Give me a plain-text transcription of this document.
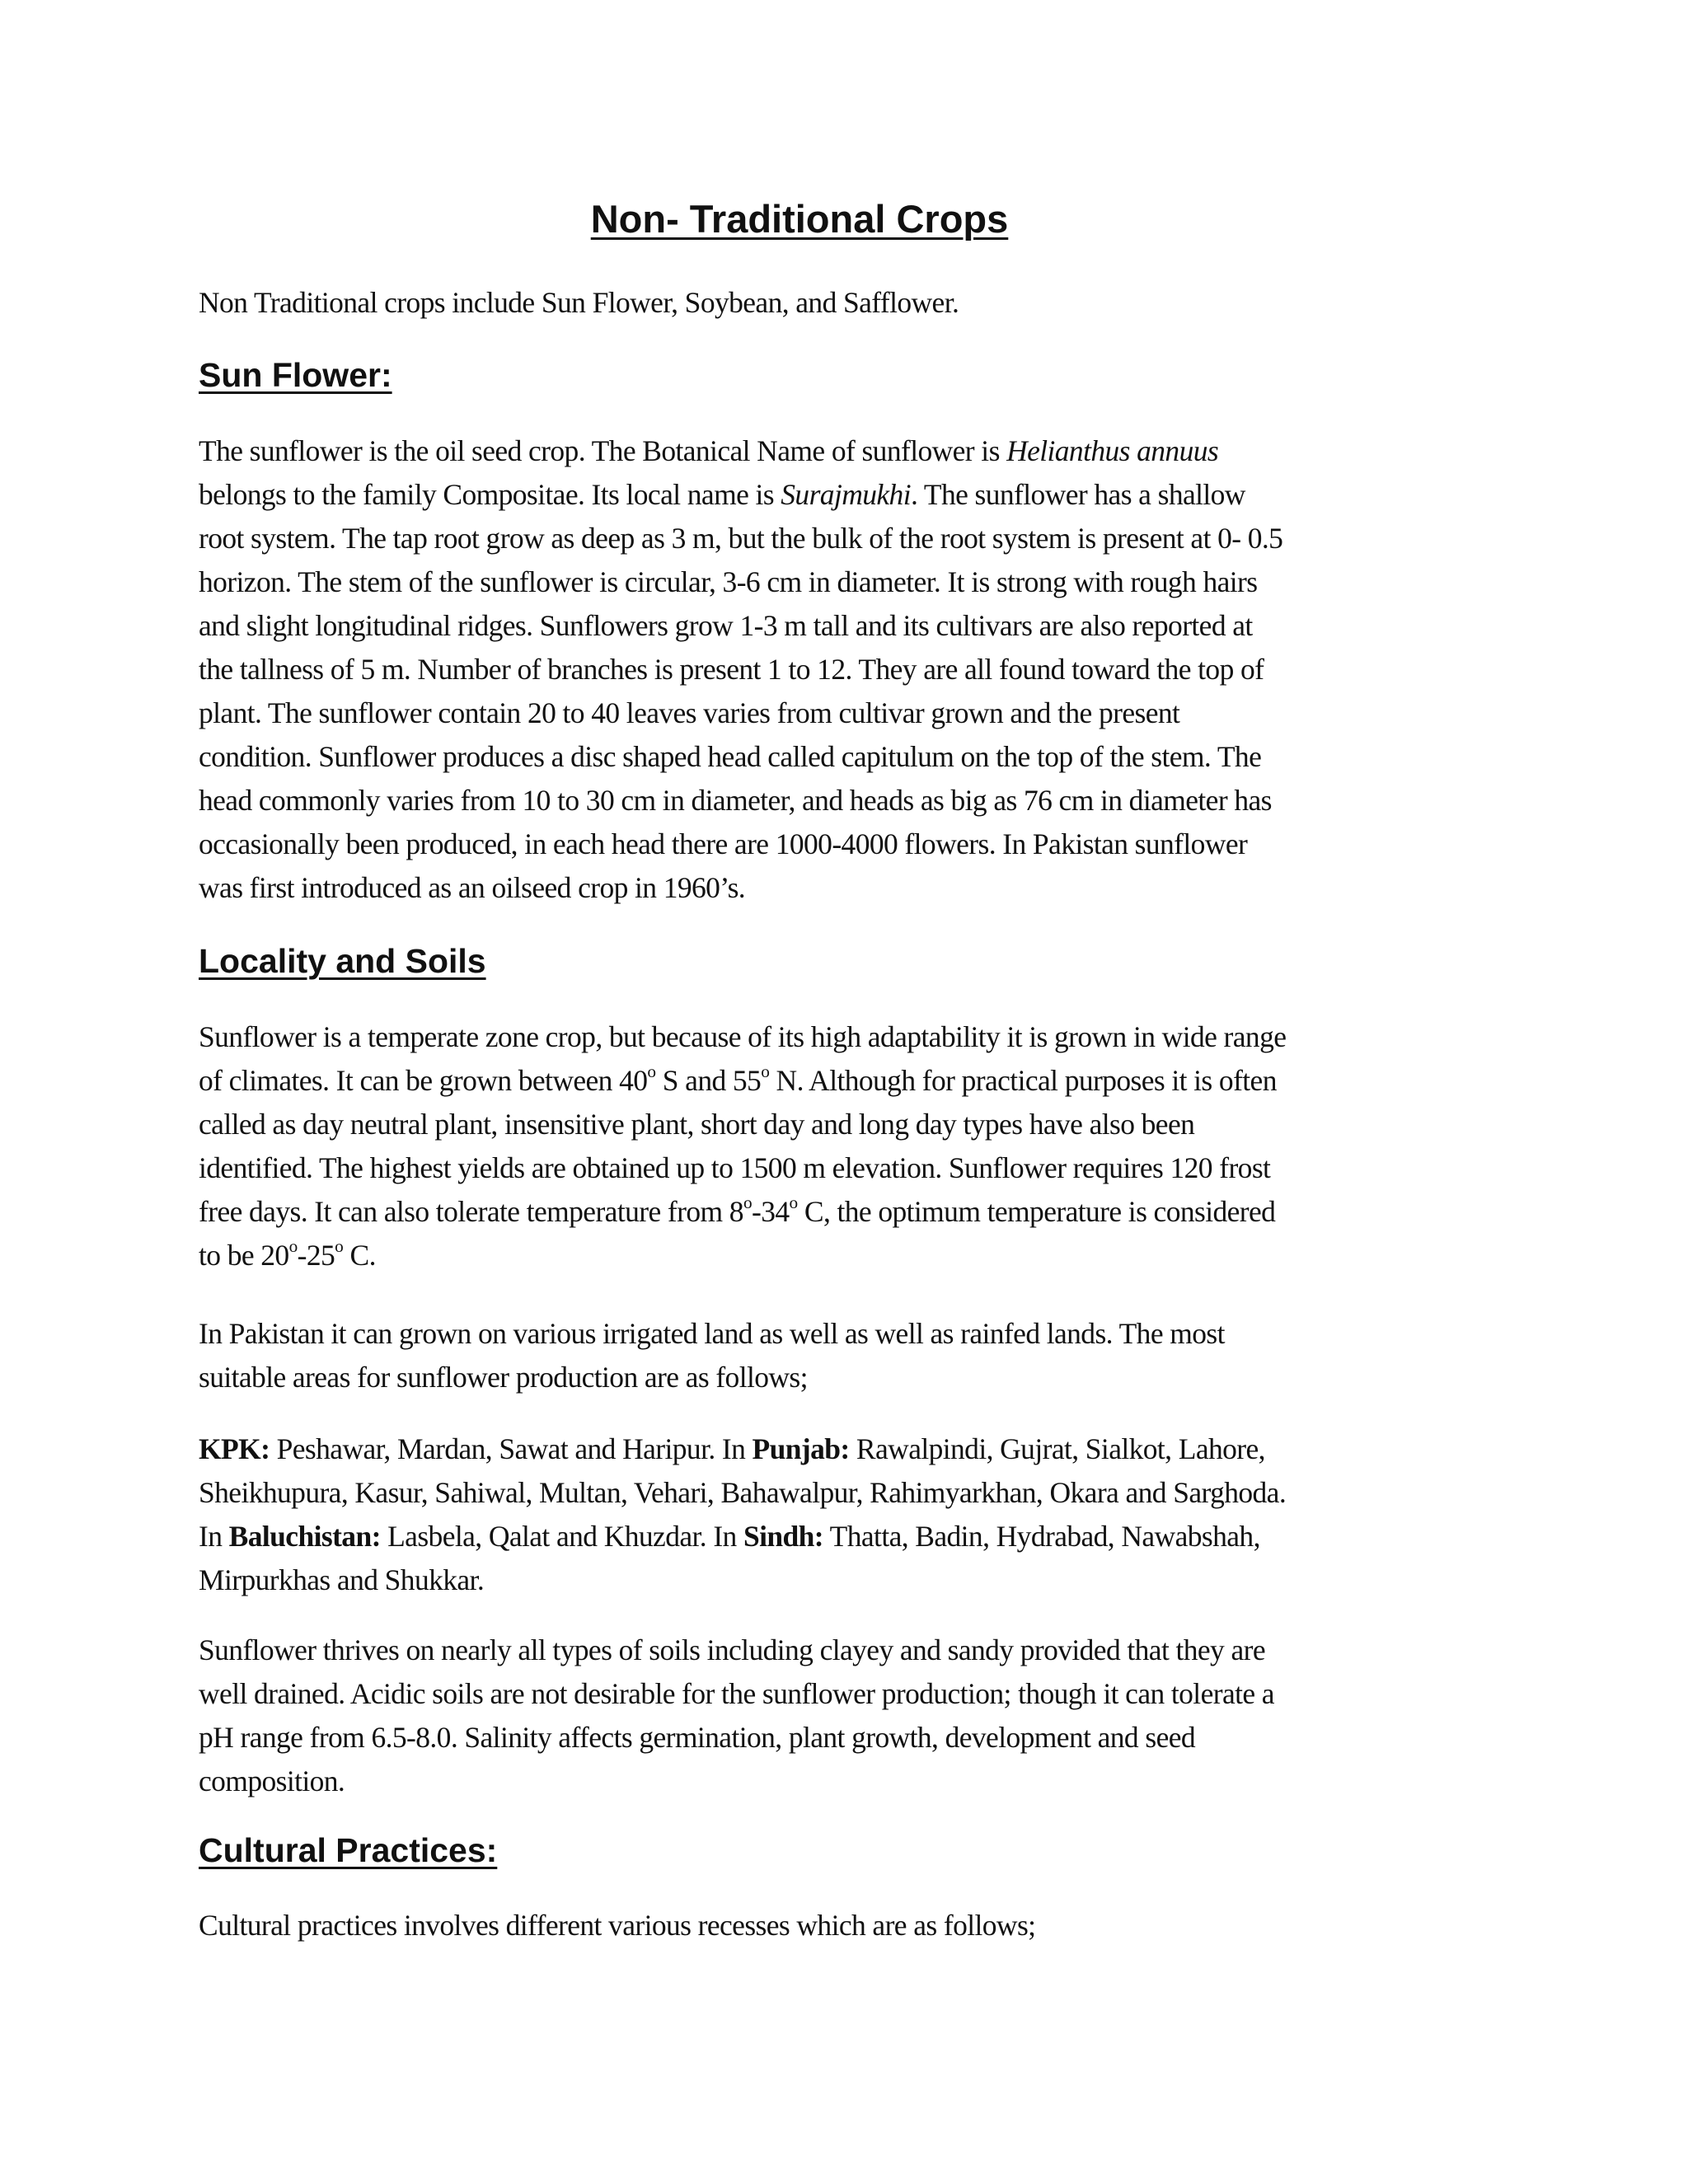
Non- Traditional Crops

Non Traditional crops include Sun Flower, Soybean, and Safflower.

Sun Flower:

The sunflower is the oil seed crop. The Botanical Name of sunflower is Helianthus annuus
belongs to the family Compositae. Its local name is Surajmukhi. The sunflower has a shallow
root system. The tap root grow as deep as 3 m, but the bulk of the root system is present at 0- 0.5
horizon. The stem of the sunflower is circular, 3-6 cm in diameter. It is strong with rough hairs
and slight longitudinal ridges. Sunflowers grow 1-3 m tall and its cultivars are also reported at
the tallness of 5 m. Number of branches is present 1 to 12. They are all found toward the top of
plant. The sunflower contain 20 to 40 leaves varies from cultivar grown and the present
condition. Sunflower produces a disc shaped head called capitulum on the top of the stem. The
head commonly varies from 10 to 30 cm in diameter, and heads as big as 76 cm in diameter has
occasionally been produced, in each head there are 1000-4000 flowers. In Pakistan sunflower
was first introduced as an oilseed crop in 1960’s.

Locality and Soils

Sunflower is a temperate zone crop, but because of its high adaptability it is grown in wide range
of climates. It can be grown between 40$^o$ S and 55$^o$ N. Although for practical purposes it is often
called as day neutral plant, insensitive plant, short day and long day types have also been
identified. The highest yields are obtained up to 1500 m elevation. Sunflower requires 120 frost
free days. It can also tolerate temperature from 8$^o$-34$^o$ C, the optimum temperature is considered
to be 20$^o$-25$^o$ C.

In Pakistan it can grown on various irrigated land as well as well as rainfed lands. The most
suitable areas for sunflower production are as follows;

KPK: Peshawar, Mardan, Sawat and Haripur. In Punjab: Rawalpindi, Gujrat, Sialkot, Lahore,
Sheikhupura, Kasur, Sahiwal, Multan, Vehari, Bahawalpur, Rahimyarkhan, Okara and Sarghoda.
In Baluchistan: Lasbela, Qalat and Khuzdar. In Sindh: Thatta, Badin, Hydrabad, Nawabshah,
Mirpurkhas and Shukkar.

Sunflower thrives on nearly all types of soils including clayey and sandy provided that they are
well drained. Acidic soils are not desirable for the sunflower production; though it can tolerate a
pH range from 6.5-8.0. Salinity affects germination, plant growth, development and seed
composition.

Cultural Practices:

Cultural practices involves different various recesses which are as follows;
